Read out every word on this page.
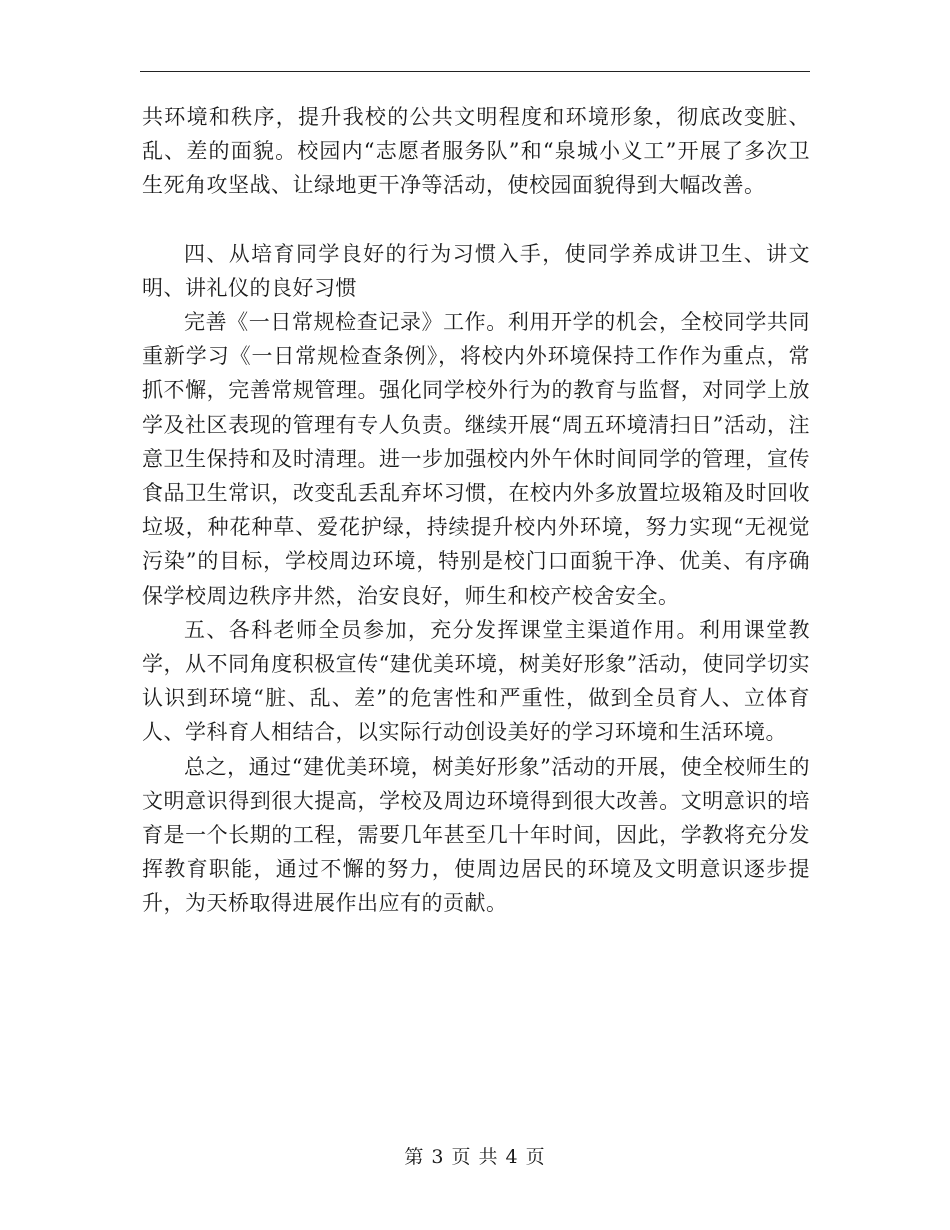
共环境和秩序，提升我校的公共文明程度和环境形象，彻底改变脏、乱、差的面貌。校园内“志愿者服务队”和“泉城小义工”开展了多次卫生死角攻坚战、让绿地更干净等活动，使校园面貌得到大幅改善。

四、从培育同学良好的行为习惯入手，使同学养成讲卫生、讲文明、讲礼仪的良好习惯

完善《一日常规检查记录》工作。利用开学的机会，全校同学共同重新学习《一日常规检查条例》，将校内外环境保持工作作为重点，常抓不懈，完善常规管理。强化同学校外行为的教育与监督，对同学上放学及社区表现的管理有专人负责。继续开展“周五环境清扫日”活动，注意卫生保持和及时清理。进一步加强校内外午休时间同学的管理，宣传食品卫生常识，改变乱丢乱弃坏习惯，在校内外多放置垃圾箱及时回收垃圾，种花种草、爱花护绿，持续提升校内外环境，努力实现“无视觉污染”的目标，学校周边环境，特别是校门口面貌干净、优美、有序确保学校周边秩序井然，治安良好，师生和校产校舍安全。

五、各科老师全员参加，充分发挥课堂主渠道作用。利用课堂教学，从不同角度积极宣传“建优美环境，树美好形象”活动，使同学切实认识到环境“脏、乱、差”的危害性和严重性，做到全员育人、立体育人、学科育人相结合，以实际行动创设美好的学习环境和生活环境。

总之，通过“建优美环境，树美好形象”活动的开展，使全校师生的文明意识得到很大提高，学校及周边环境得到很大改善。文明意识的培育是一个长期的工程，需要几年甚至几十年时间，因此，学教将充分发挥教育职能，通过不懈的努力，使周边居民的环境及文明意识逐步提升，为天桥取得进展作出应有的贡献。

第 3 页 共 4 页
